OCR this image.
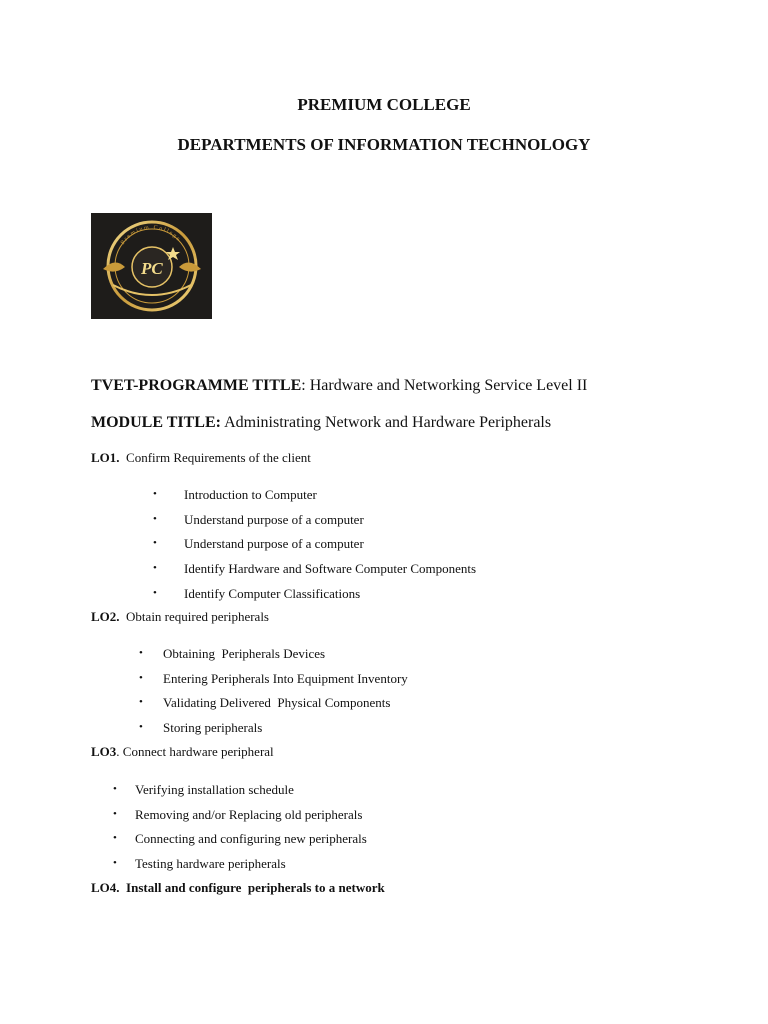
PREMIUM COLLEGE

DEPARTMENTS OF INFORMATION TECHNOLOGY

PC
Premium College

TVET-PROGRAMME TITLE: Hardware and Networking Service Level II

MODULE TITLE: Administrating Network and Hardware Peripherals

LO1.  Confirm Requirements of the client

• Introduction to Computer
• Understand purpose of a computer
• Understand purpose of a computer
• Identify Hardware and Software Computer Components
• Identify Computer Classifications

LO2.  Obtain required peripherals

• Obtaining  Peripherals Devices
• Entering Peripherals Into Equipment Inventory
• Validating Delivered  Physical Components
• Storing peripherals

LO3. Connect hardware peripheral

• Verifying installation schedule
• Removing and/or Replacing old peripherals
• Connecting and configuring new peripherals
• Testing hardware peripherals

LO4.  Install and configure  peripherals to a network
